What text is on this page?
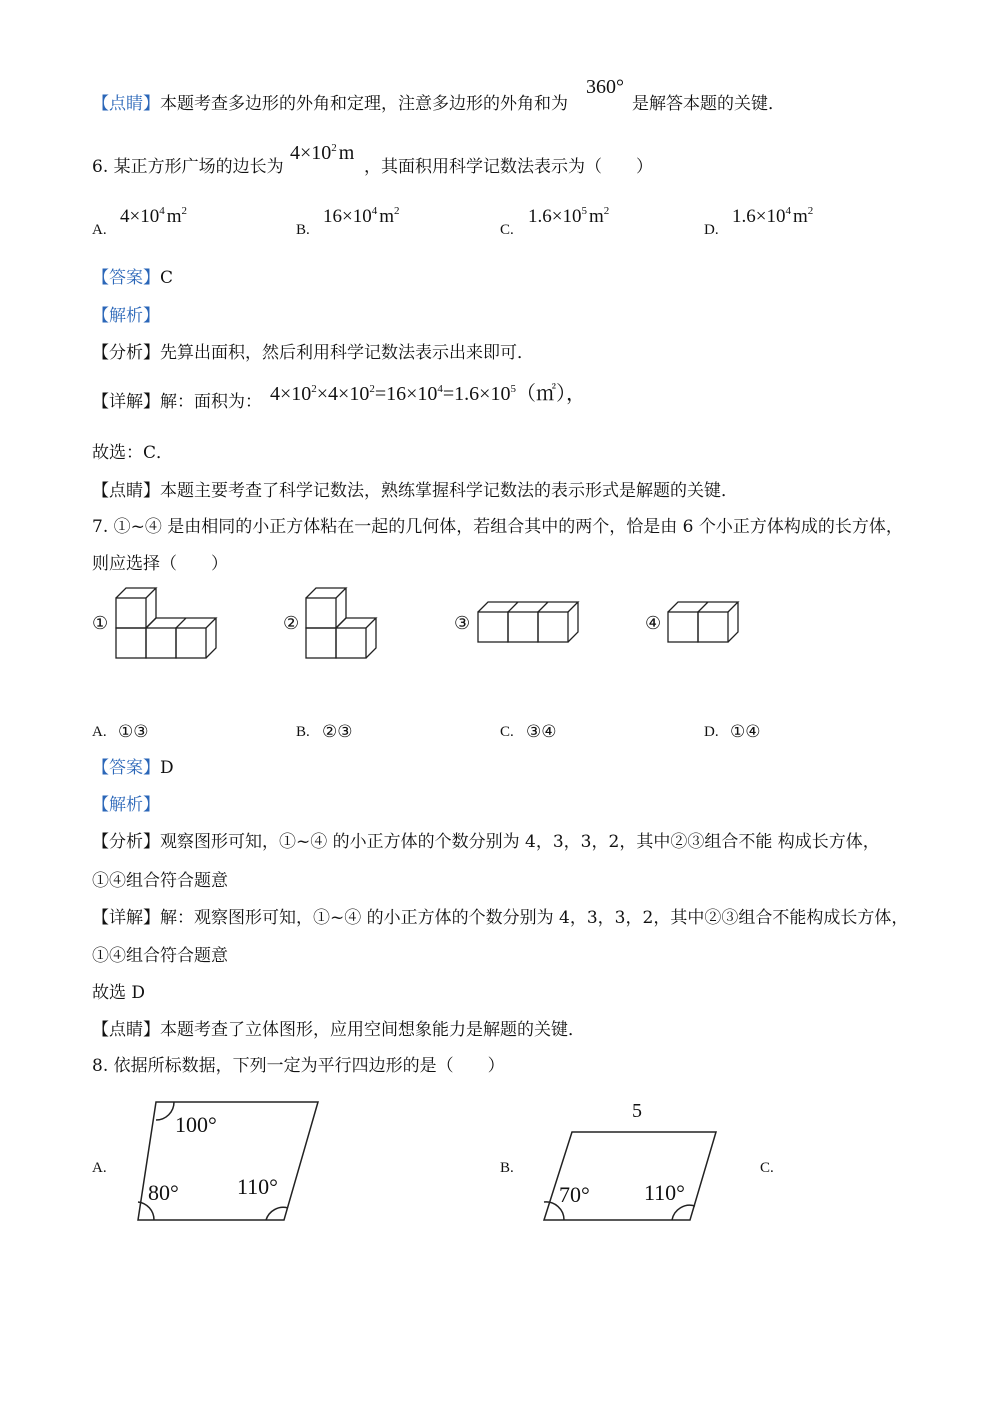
【点睛】本题考查多边形的外角和定理，注意多边形的外角和为
360°
是解答本题的关键．
6. 某正方形广场的边长为
$4\times 10^2$ m
，其面积用科学记数法表示为（　　）
A.
$4\times 10^4$ $m^2$
B.
$16\times 10^4$ $m^2$
C.
$1.6\times 10^5$ $m^2$
D.
$1.6\times 10^4$ $m^2$
【答案】C
【解析】
【分析】先算出面积，然后利用科学记数法表示出来即可．
【详解】解：面积为： $4\times 10^2\times 4\times 10^2=16\times 10^4=1.6\times 10^5(㎡)$，
故选：C．
【点睛】本题主要考查了科学记数法，熟练掌握科学记数法的表示形式是解题的关键．
7. ①~④ 是由相同的小正方体粘在一起的几何体，若组合其中的两个，恰是由 6 个小正方体构成的长方体，
则应选择（　　）
①	②	③	④
A. ①③	B. ②③	C. ③④	D. ①④
【答案】D
【解析】
【分析】观察图形可知，①~④ 的小正方体的个数分别为 4，3，3，2，其中②③组合不能 构成长方体，
①④组合符合题意
【详解】解：观察图形可知，①~④ 的小正方体的个数分别为 4，3，3，2，其中②③组合不能构成长方体，
①④组合符合题意
故选 D
【点睛】本题考查了立体图形，应用空间想象能力是解题的关键．
8. 依据所标数据，下列一定为平行四边形的是（　　）
A.
100°
80°	110°
B.
5
70° 110°
C.
